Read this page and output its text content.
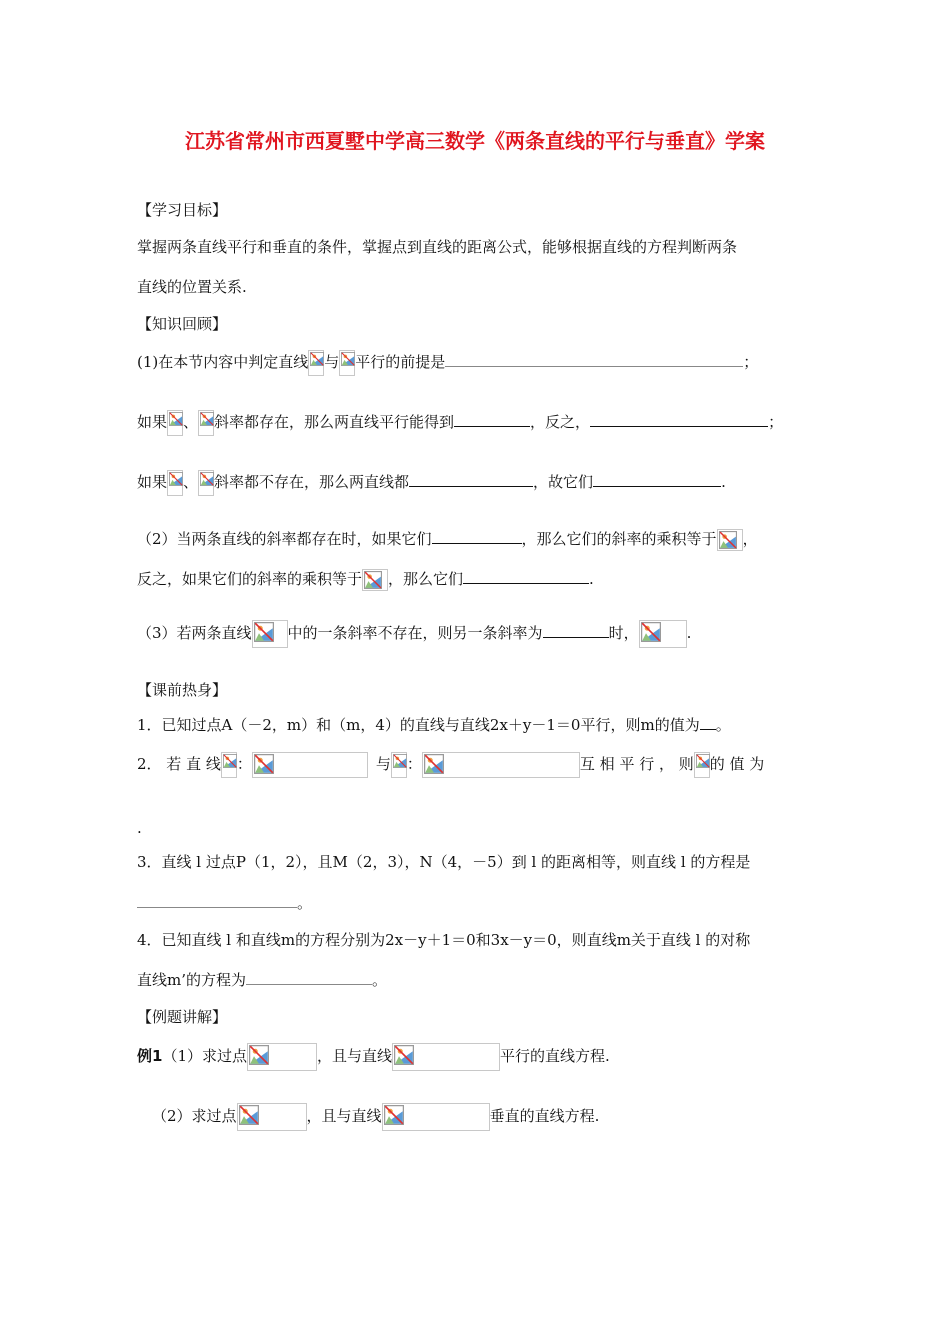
江苏省常州市西夏墅中学高三数学《两条直线的平行与垂直》学案
【学习目标】
掌握两条直线平行和垂直的条件，掌握点到直线的距离公式，能够根据直线的方程判断两条
直线的位置关系.
【知识回顾】
(1)在本节内容中判定直线 与 平行的前提是	；
如果 、 斜率都存在，那么两直线平行能得到	，反之，	；
如果 、 斜率都不存在，那么两直线都	，故它们	.
（2）当两条直线的斜率都存在时，如果它们	，那么它们的斜率的乘积等于 ，
反之，如果它们的斜率的乘积等于 ，那么它们	.
（3）若两条直线 中的一条斜率不存在，则另一条斜率为	时，	.
【课前热身】
1．已知过点A（－2，m）和（m，4）的直线与直线2x＋y－1＝0平行，则m的值为 。
2． 若 直 线 ：	与 ：	互 相 平 行 ， 则 的 值 为
.
3．直线 l 过点P（1，2），且M（2，3），N（4，－5）到 l 的距离相等，则直线 l 的方程是
。
4．已知直线 l 和直线m的方程分别为2x－y＋1＝0和3x－y＝0，则直线m关于直线 l 的对称
直线m’的方程为	。
【例题讲解】
例1（1）求过点	，且与直线	平行的直线方程.
（2）求过点	，且与直线	垂直的直线方程.
